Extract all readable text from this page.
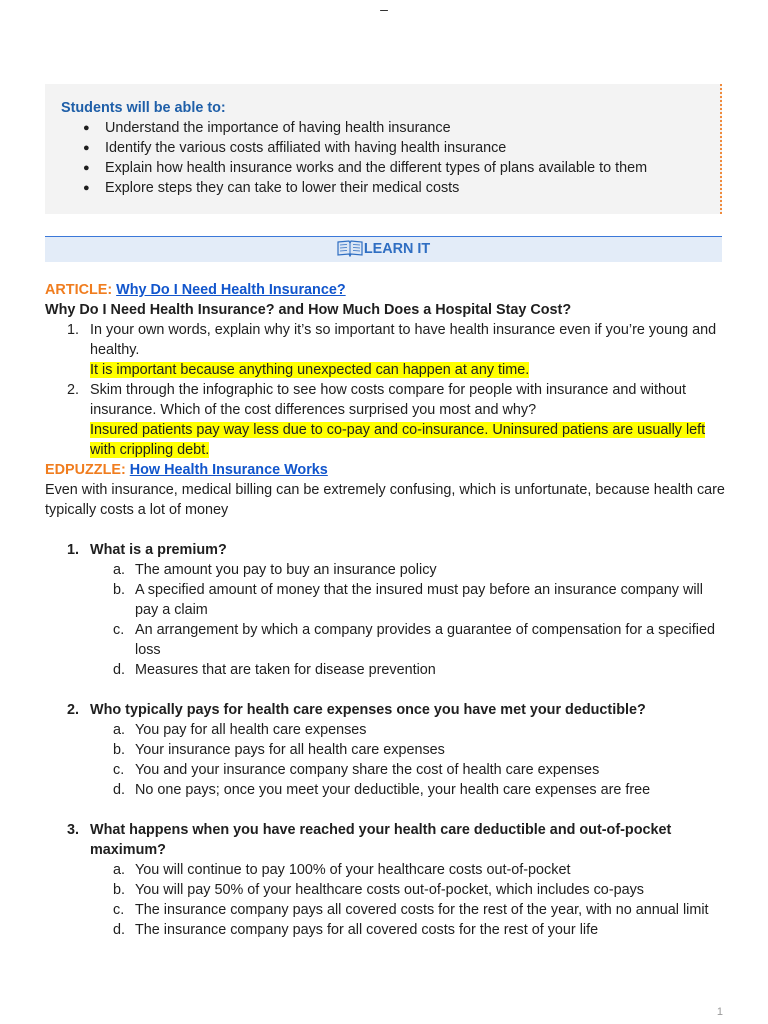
–

Students will be able to:

● Understand the importance of having health insurance
● Identify the various costs affiliated with having health insurance
● Explain how health insurance works and the different types of plans available to them
● Explore steps they can take to lower their medical costs
LEARN IT
ARTICLE: Why Do I Need Health Insurance?
Why Do I Need Health Insurance? and How Much Does a Hospital Stay Cost?
1. In your own words, explain why it’s so important to have health insurance even if you’re young and healthy.
It is important because anything unexpected can happen at any time.
2. Skim through the infographic to see how costs compare for people with insurance and without insurance. Which of the cost differences surprised you most and why?
Insured patients pay way less due to co-pay and co-insurance. Uninsured patiens are usually left with crippling debt.
EDPUZZLE: How Health Insurance Works
Even with insurance, medical billing can be extremely confusing, which is unfortunate, because health care typically costs a lot of money
1. What is a premium?
a. The amount you pay to buy an insurance policy
b. A specified amount of money that the insured must pay before an insurance company will pay a claim
c. An arrangement by which a company provides a guarantee of compensation for a specified loss
d. Measures that are taken for disease prevention
2. Who typically pays for health care expenses once you have met your deductible?
a. You pay for all health care expenses
b. Your insurance pays for all health care expenses
c. You and your insurance company share the cost of health care expenses
d. No one pays; once you meet your deductible, your health care expenses are free
3. What happens when you have reached your health care deductible and out-of-pocket maximum?
a. You will continue to pay 100% of your healthcare costs out-of-pocket
b. You will pay 50% of your healthcare costs out-of-pocket, which includes co-pays
c. The insurance company pays all covered costs for the rest of the year, with no annual limit
d. The insurance company pays for all covered costs for the rest of your life
1
